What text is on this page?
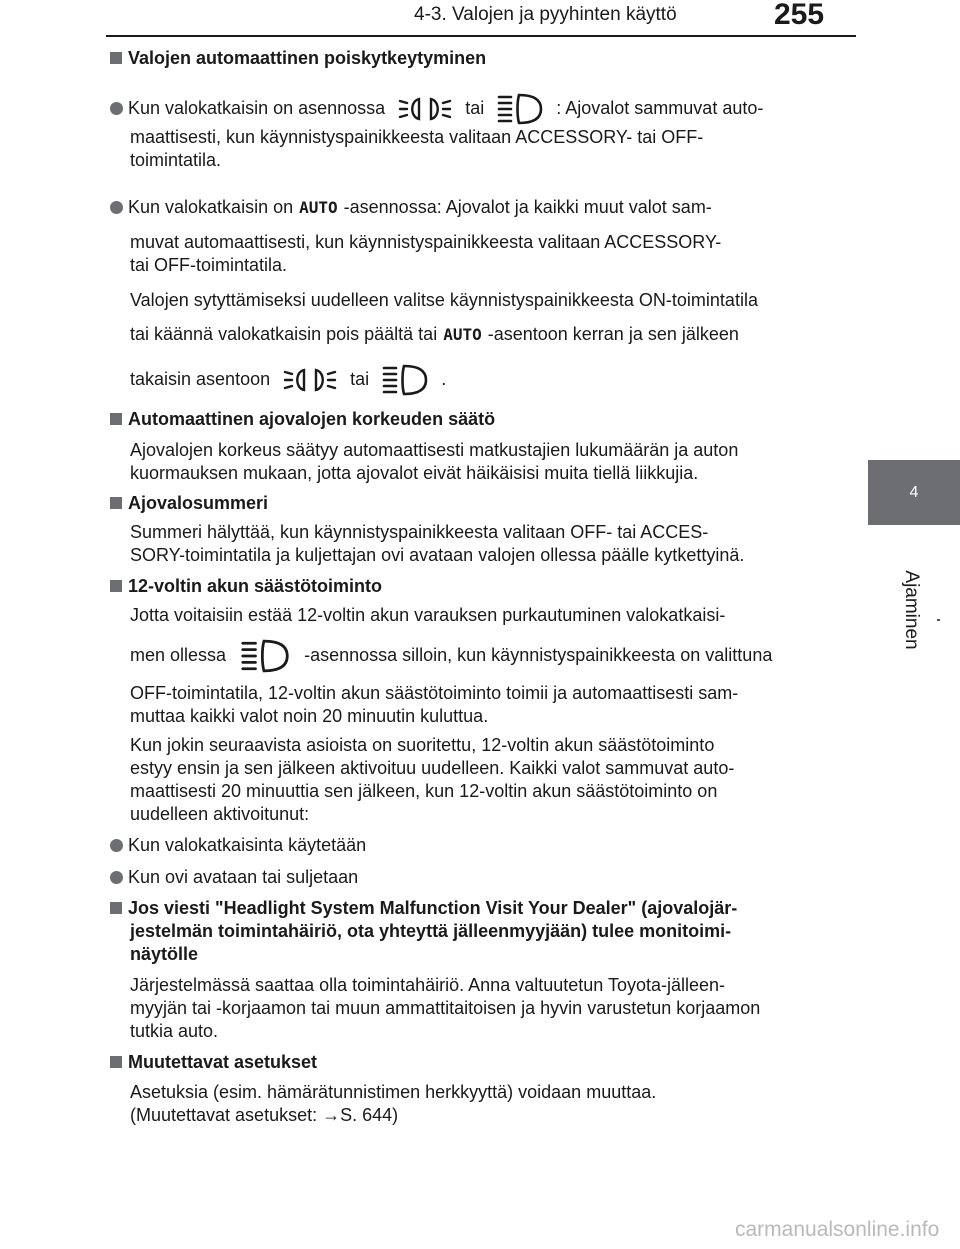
4-3. Valojen ja pyyhinten käyttö	255
4
Ajaminen
Valojen automaattinen poiskytkeytyminen
Kun valokatkaisin on asennossa	tai	: Ajovalot sammuvat auto-
maattisesti, kun käynnistyspainikkeesta valitaan ACCESSORY- tai OFF-
toimintatila.
Kun valokatkaisin on AUTO -asennossa: Ajovalot ja kaikki muut valot sam-
muvat automaattisesti, kun käynnistyspainikkeesta valitaan ACCESSORY-
tai OFF-toimintatila.
Valojen sytyttämiseksi uudelleen valitse käynnistyspainikkeesta ON-toimintatila
tai käännä valokatkaisin pois päältä tai AUTO -asentoon kerran ja sen jälkeen
takaisin asentoon	tai	.
Automaattinen ajovalojen korkeuden säätö
Ajovalojen korkeus säätyy automaattisesti matkustajien lukumäärän ja auton
kuormauksen mukaan, jotta ajovalot eivät häikäisisi muita tiellä liikkujia.
Ajovalosummeri
Summeri hälyttää, kun käynnistyspainikkeesta valitaan OFF- tai ACCES-
SORY-toimintatila ja kuljettajan ovi avataan valojen ollessa päälle kytkettyinä.
12-voltin akun säästötoiminto
Jotta voitaisiin estää 12-voltin akun varauksen purkautuminen valokatkaisi-
men ollessa	-asennossa silloin, kun käynnistyspainikkeesta on valittuna
OFF-toimintatila, 12-voltin akun säästötoiminto toimii ja automaattisesti sam-
muttaa kaikki valot noin 20 minuutin kuluttua.
Kun jokin seuraavista asioista on suoritettu, 12-voltin akun säästötoiminto
estyy ensin ja sen jälkeen aktivoituu uudelleen. Kaikki valot sammuvat auto-
maattisesti 20 minuuttia sen jälkeen, kun 12-voltin akun säästötoiminto on
uudelleen aktivoitunut:
Kun valokatkaisinta käytetään
Kun ovi avataan tai suljetaan
Jos viesti "Headlight System Malfunction Visit Your Dealer" (ajovalojär-
jestelmän toimintahäiriö, ota yhteyttä jälleenmyyjään) tulee monitoimi-
näytölle
Järjestelmässä saattaa olla toimintahäiriö. Anna valtuutetun Toyota-jälleen-
myyjän tai -korjaamon tai muun ammattitaitoisen ja hyvin varustetun korjaamon
tutkia auto.
Muutettavat asetukset
Asetuksia (esim. hämärätunnistimen herkkyyttä) voidaan muuttaa.
(Muutettavat asetukset: →S. 644)
carmanualsonline.info
